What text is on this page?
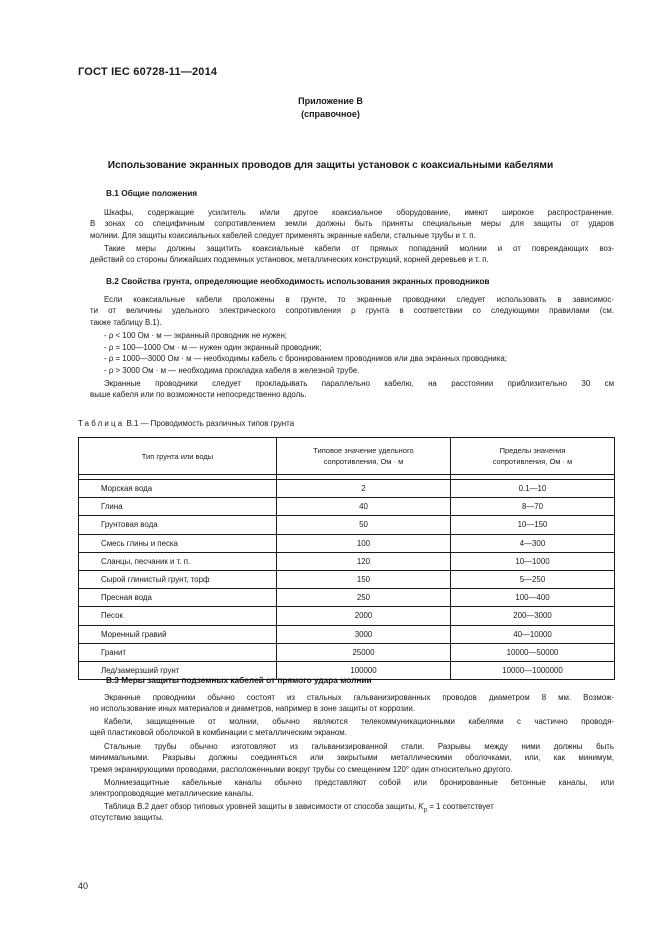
ГОСТ IEC 60728-11—2014
Приложение В
(справочное)
Использование экранных проводов для защиты установок с коаксиальными кабелями
В.1 Общие положения
Шкафы, содержащие усилитель и/или другое коаксиальное оборудование, имеют широкое распространение.
В зонах со специфичным сопротивлением земли должны быть приняты специальные меры для защиты от ударов
молнии. Для защиты коаксиальных кабелей следует применять экранные кабели, стальные трубы и т. п.
Такие меры должны защитить коаксиальные кабели от прямых попаданий молнии и от повреждающих воз-
действий со стороны ближайших подземных установок, металлических конструкций, корней деревьев и т. п.
В.2 Свойства грунта, определяющие необходимость использования экранных проводников
Если коаксиальные кабели проложены в грунте, то экранные проводники следует использовать в зависимос-
ти от величины удельного электрического сопротивления ρ грунта в соответствии со следующими правилами (см.
также таблицу В.1).
- ρ < 100 Ом · м — экранный проводник не нужен;
- ρ = 100—1000 Ом · м — нужен один экранный проводник;
- ρ = 1000—3000 Ом · м — необходимы кабель с бронированием проводников или два экранных проводника;
- ρ > 3000 Ом · м — необходима прокладка кабеля в железной трубе.
Экранные проводники следует прокладывать параллельно кабелю, на расстоянии приблизительно 30 см
выше кабеля или по возможности непосредственно вдоль.
Таблица В.1 — Проводимость различных типов грунта
Тип грунта или воды	Типовое значение удельного сопротивления, Ом · м	Пределы значения сопротивления, Ом · м

Морская вода	2	0.1—10
Глина	40	8—70
Грунтовая вода	50	10—150
Смесь глины и песка	100	4—300
Сланцы, песчаник и т. п.	120	10—1000
Сырой глинистый грунт, торф	150	5—250
Пресная вода	250	100—400
Песок	2000	200—3000
Моренный гравий	3000	40—10000
Гранит	25000	10000—50000
Лед/замерзший грунт	100000	10000—1000000
В.3 Меры защиты подземных кабелей от прямого удара молнии
Экранные проводники обычно состоят из стальных гальванизированных проводов диаметром 8 мм. Возмож-
но использование иных материалов и диаметров, например в зоне защиты от коррозии.
Кабели, защищенные от молнии, обычно являются телекоммуникационными кабелями с частично проводя-
щей пластиковой оболочкой в комбинации с металлическим экраном.
Стальные трубы обычно изготовляют из гальванизированной стали. Разрывы между ними должны быть
минимальными. Разрывы должны соединяться или закрытыми металлическими оболочками, или, как минимум,
тремя экранирующими проводами, расположенными вокруг трубы со смещением 120° один относительно другого.
Молниезащитные кабельные каналы обычно представляют собой или бронированные бетонные каналы, или
электропроводящие металлические каналы.
Таблица В.2 дает обзор типовых уровней защиты в зависимости от способа защиты, $K_p = 1$ соответствует
отсутствию защиты.
40
